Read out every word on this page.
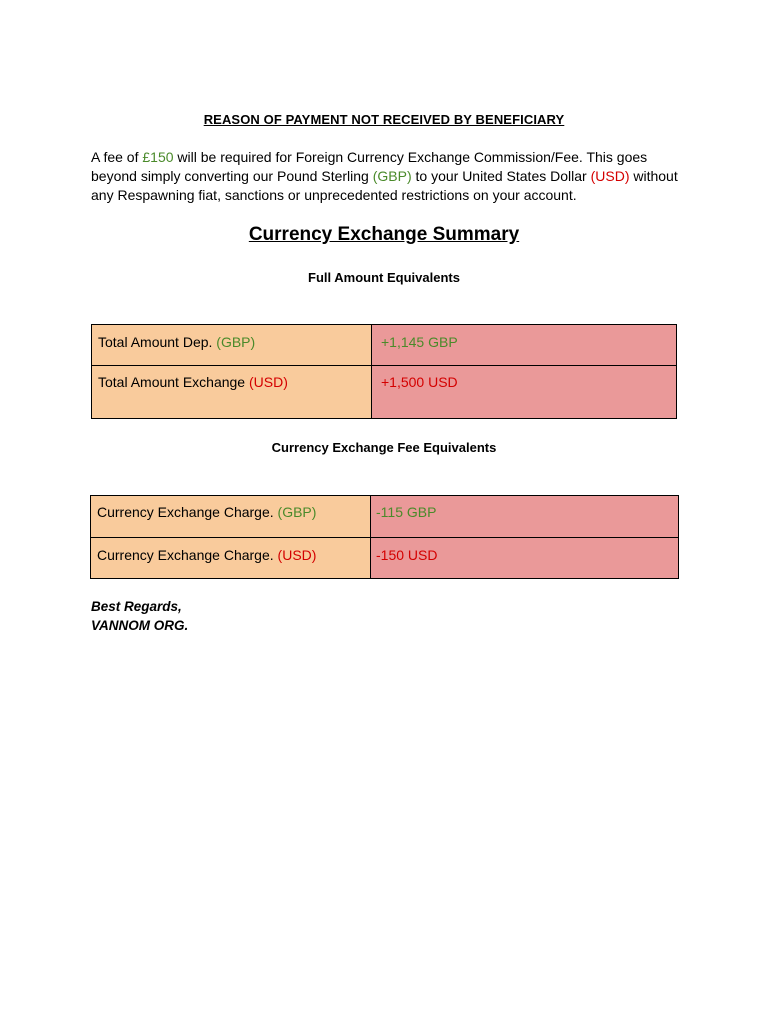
REASON OF PAYMENT NOT RECEIVED BY BENEFICIARY

A fee of £150 will be required for Foreign Currency Exchange Commission/Fee. This goes beyond simply converting our Pound Sterling (GBP) to your United States Dollar (USD) without any Respawning fiat, sanctions or unprecedented restrictions on your account.

Currency Exchange Summary
Full Amount Equivalents
Total Amount Dep. (GBP)	+1,145 GBP
Total Amount Exchange (USD)	+1,500 USD
Currency Exchange Fee Equivalents
Currency Exchange Charge. (GBP)	-115 GBP
Currency Exchange Charge. (USD)	-150 USD
Best Regards,
VANNOM ORG.
